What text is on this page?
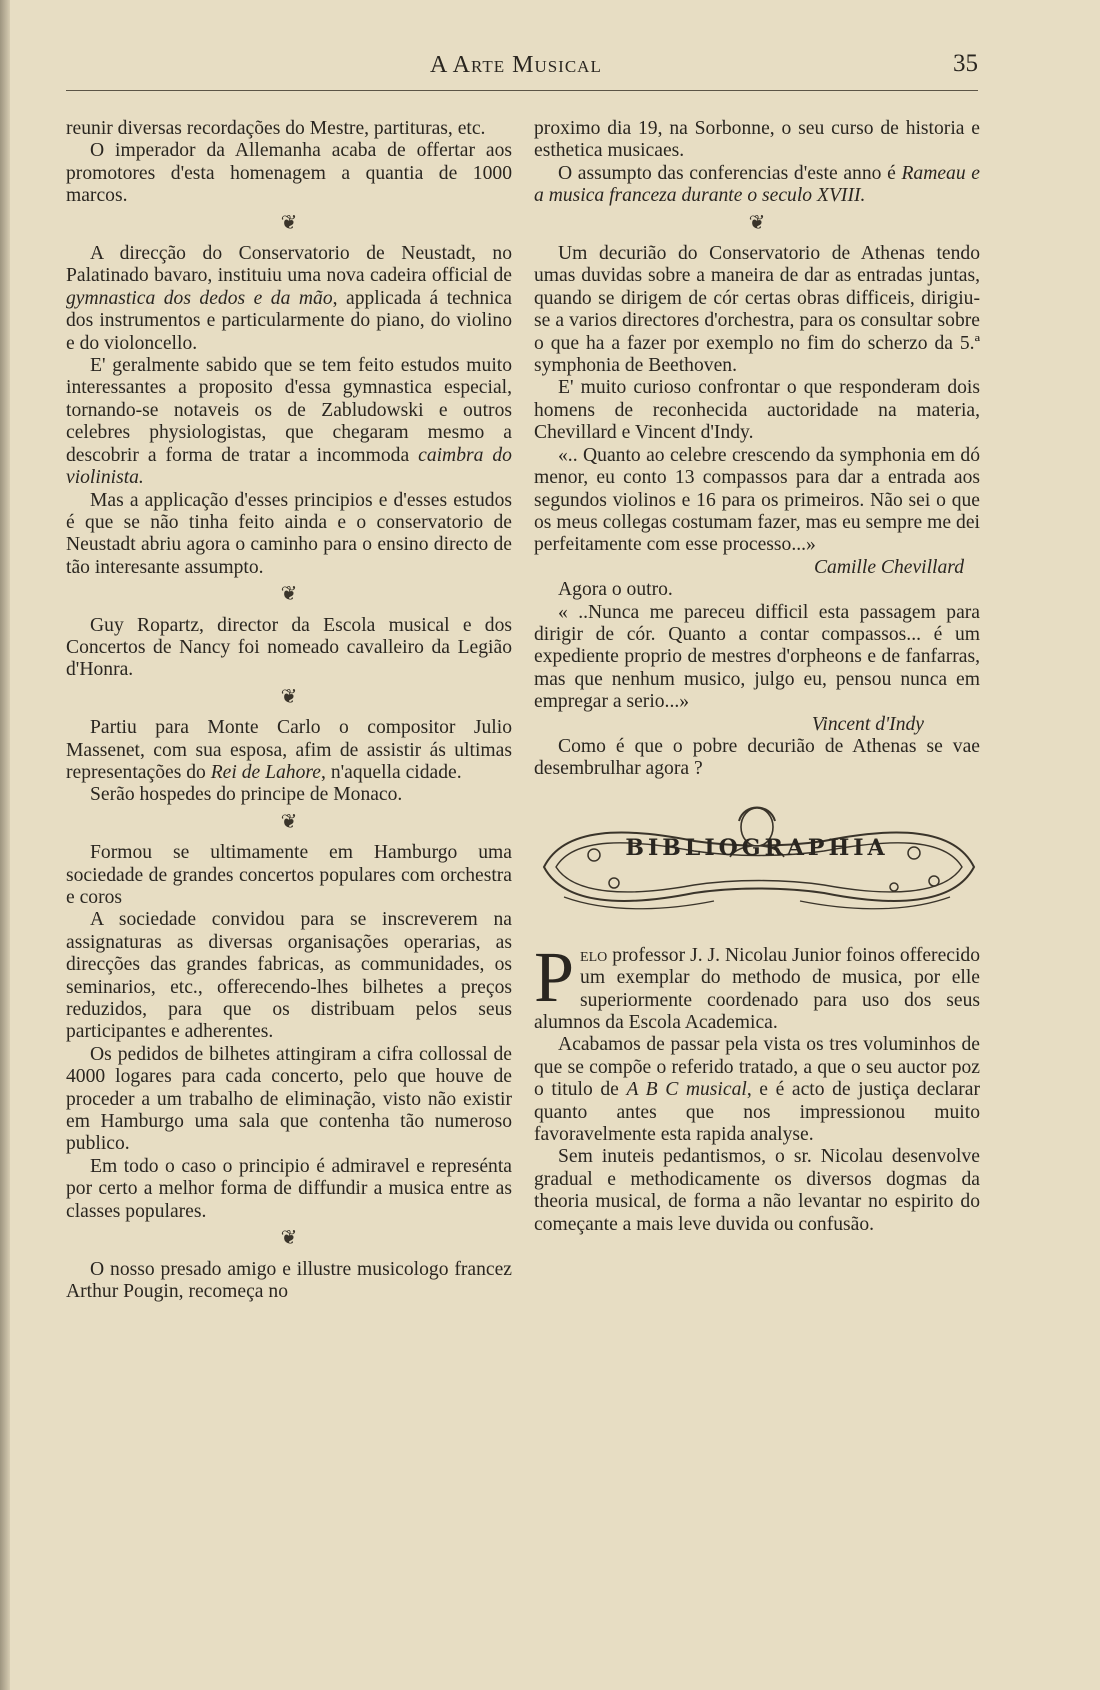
A Arte Musical	35

reunir diversas recordações do Mestre, partituras, etc.

O imperador da Allemanha acaba de offertar aos promotores d'esta homenagem a quantia de 1000 marcos.

❦

A direcção do Conservatorio de Neustadt, no Palatinado bavaro, instituiu uma nova cadeira official de gymnastica dos dedos e da mão, applicada á technica dos instrumentos e particularmente do piano, do violino e do violoncello.

E' geralmente sabido que se tem feito estudos muito interessantes a proposito d'essa gymnastica especial, tornando-se notaveis os de Zabludowski e outros celebres physiologistas, que chegaram mesmo a descobrir a forma de tratar a incommoda caimbra do violinista.

Mas a applicação d'esses principios e d'esses estudos é que se não tinha feito ainda e o conservatorio de Neustadt abriu agora o caminho para o ensino directo de tão interesante assumpto.

❦

Guy Ropartz, director da Escola musical e dos Concertos de Nancy foi nomeado cavalleiro da Legião d'Honra.

❦

Partiu para Monte Carlo o compositor Julio Massenet, com sua esposa, afim de assistir ás ultimas representações do Rei de Lahore, n'aquella cidade.

Serão hospedes do principe de Monaco.

❦

Formou se ultimamente em Hamburgo uma sociedade de grandes concertos populares com orchestra e coros

A sociedade convidou para se inscreverem na assignaturas as diversas organisações operarias, as direcções das grandes fabricas, as communidades, os seminarios, etc., offerecendo-lhes bilhetes a preços reduzidos, para que os distribuam pelos seus participantes e adherentes.

Os pedidos de bilhetes attingiram a cifra collossal de 4000 logares para cada concerto, pelo que houve de proceder a um trabalho de eliminação, visto não existir em Hamburgo uma sala que contenha tão numeroso publico.

Em todo o caso o principio é admiravel e represénta por certo a melhor forma de diffundir a musica entre as classes populares.

❦

O nosso presado amigo e illustre musicologo francez Arthur Pougin, recomeça no

proximo dia 19, na Sorbonne, o seu curso de historia e esthetica musicaes.

O assumpto das conferencias d'este anno é Rameau e a musica franceza durante o seculo XVIII.

❦

Um decurião do Conservatorio de Athenas tendo umas duvidas sobre a maneira de dar as entradas juntas, quando se dirigem de cór certas obras difficeis, dirigiu-se a varios directores d'orchestra, para os consultar sobre o que ha a fazer por exemplo no fim do scherzo da 5.ª symphonia de Beethoven.

E' muito curioso confrontar o que responderam dois homens de reconhecida auctoridade na materia, Chevillard e Vincent d'Indy.

«.. Quanto ao celebre crescendo da symphonia em dó menor, eu conto 13 compassos para dar a entrada aos segundos violinos e 16 para os primeiros. Não sei o que os meus collegas costumam fazer, mas eu sempre me dei perfeitamente com esse processo...»

Camille Chevillard

Agora o outro.

« ..Nunca me pareceu difficil esta passagem para dirigir de cór. Quanto a contar compassos... é um expediente proprio de mestres d'orpheons e de fanfarras, mas que nenhum musico, julgo eu, pensou nunca em empregar a serio...»

Vincent d'Indy

Como é que o pobre decurião de Athenas se vae desembrulhar agora ?

BIBLIOGRAPHIA

Pelo professor J. J. Nicolau Junior foinos offerecido um exemplar do methodo de musica, por elle superiormente coordenado para uso dos seus alumnos da Escola Academica.

Acabamos de passar pela vista os tres voluminhos de que se compõe o referido tratado, a que o seu auctor poz o titulo de A B C musical, e é acto de justiça declarar quanto antes que nos impressionou muito favoravelmente esta rapida analyse.

Sem inuteis pedantismos, o sr. Nicolau desenvolve gradual e methodicamente os diversos dogmas da theoria musical, de forma a não levantar no espirito do começante a mais leve duvida ou confusão.
